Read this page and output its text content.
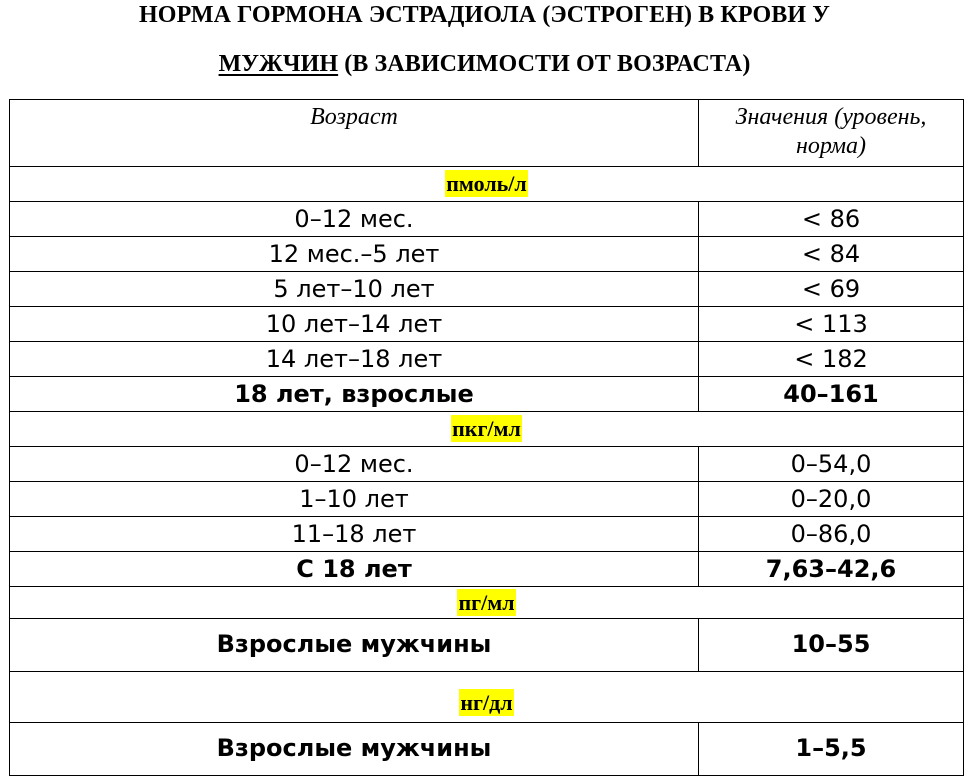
НОРМА ГОРМОНА ЭСТРАДИОЛА (ЭСТРОГЕН) В КРОВИ У
МУЖЧИН (В ЗАВИСИМОСТИ ОТ ВОЗРАСТА)
Возраст	Значения (уровень, норма)
пмоль/л	
0–12 мес.	< 86
12 мес.–5 лет	< 84
5 лет–10 лет	< 69
10 лет–14 лет	< 113
14 лет–18 лет	< 182
18 лет, взрослые	40–161
пкг/мл	
0–12 мес.	0–54,0
1–10 лет	0–20,0
11–18 лет	0–86,0
С 18 лет	7,63–42,6
пг/мл	
Взрослые мужчины	10–55
нг/дл	
Взрослые мужчины	1–5,5
